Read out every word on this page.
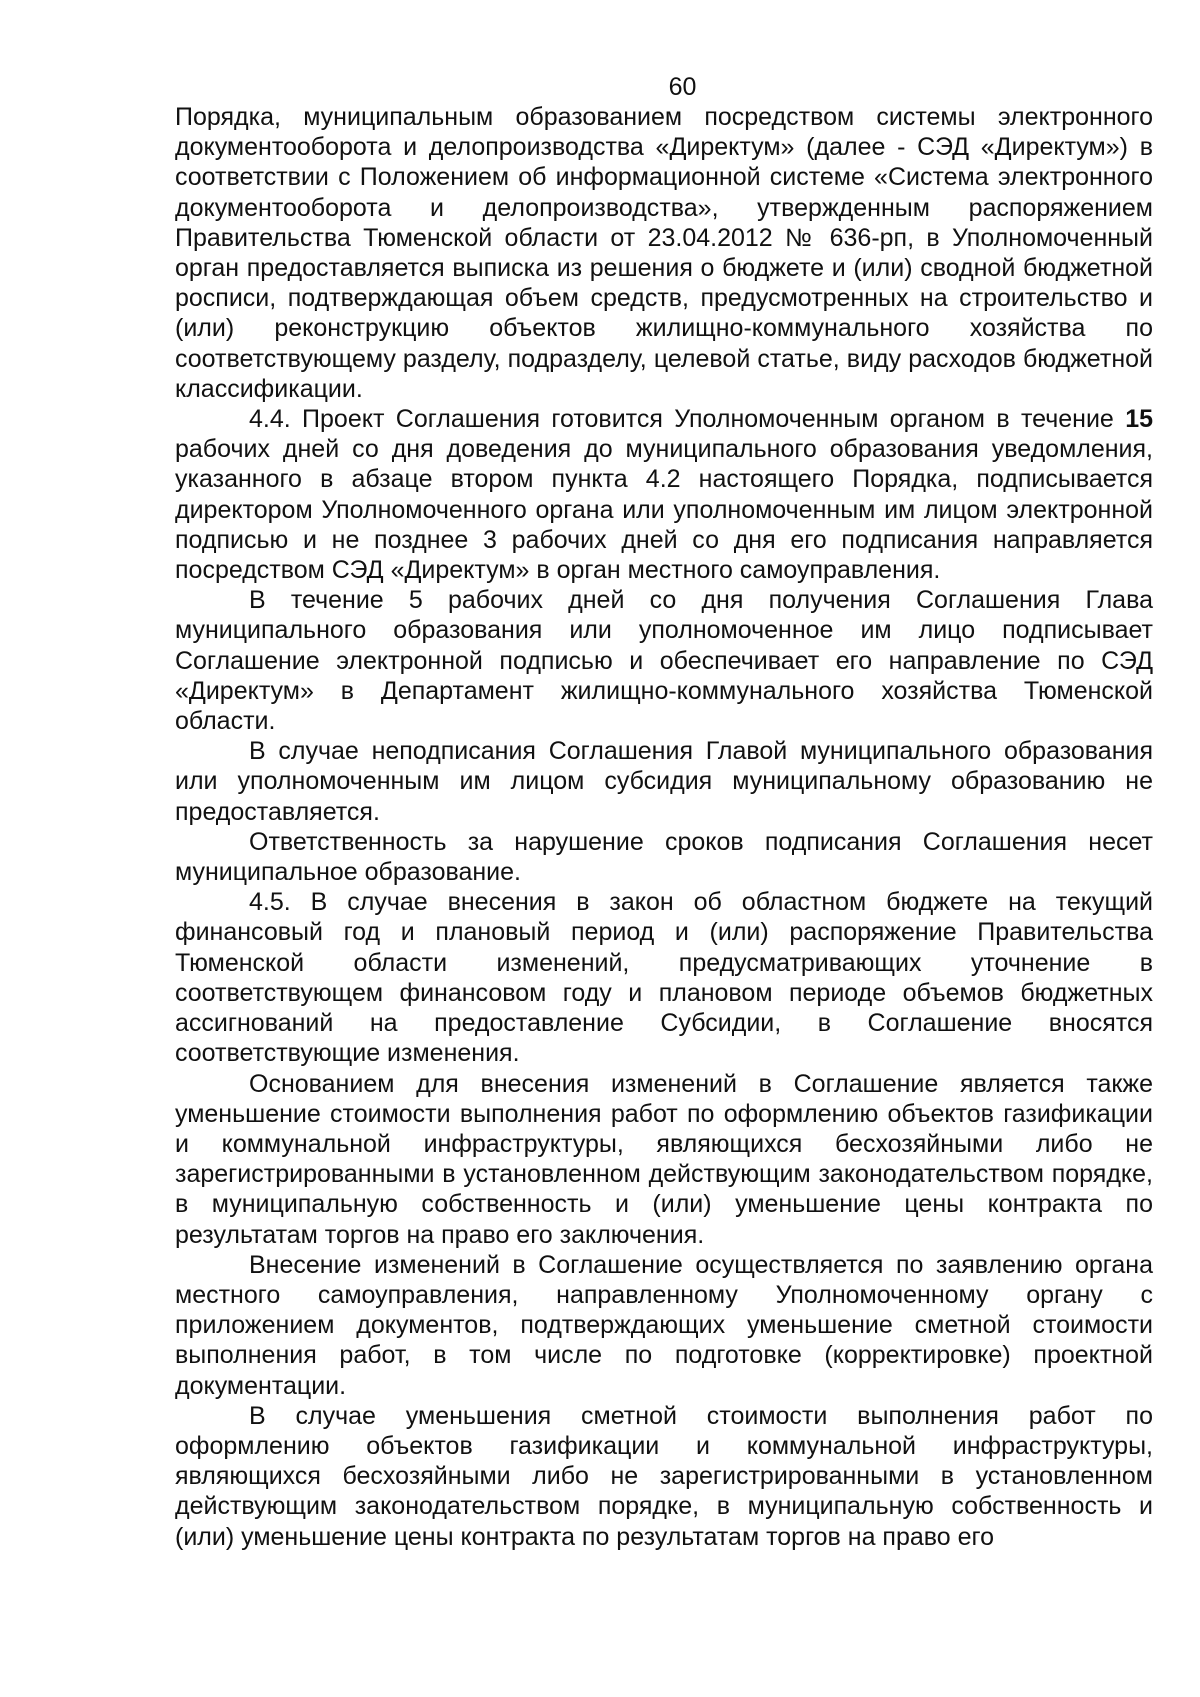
60

Порядка, муниципальным образованием посредством системы электронного документооборота и делопроизводства «Директум» (далее - СЭД «Директум») в соответствии с Положением об информационной системе «Система электронного документооборота и делопроизводства», утвержденным распоряжением Правительства Тюменской области от 23.04.2012 № 636-рп, в Уполномоченный орган предоставляется выписка из решения о бюджете и (или) сводной бюджетной росписи, подтверждающая объем средств, предусмотренных на строительство и (или) реконструкцию объектов жилищно-коммунального хозяйства по соответствующему разделу, подразделу, целевой статье, виду расходов бюджетной классификации.

4.4. Проект Соглашения готовится Уполномоченным органом в течение 15 рабочих дней со дня доведения до муниципального образования уведомления, указанного в абзаце втором пункта 4.2 настоящего Порядка, подписывается директором Уполномоченного органа или уполномоченным им лицом электронной подписью и не позднее 3 рабочих дней со дня его подписания направляется посредством СЭД «Директум» в орган местного самоуправления.

В течение 5 рабочих дней со дня получения Соглашения Глава муниципального образования или уполномоченное им лицо подписывает Соглашение электронной подписью и обеспечивает его направление по СЭД «Директум» в Департамент жилищно-коммунального хозяйства Тюменской области.

В случае неподписания Соглашения Главой муниципального образования или уполномоченным им лицом субсидия муниципальному образованию не предоставляется.

Ответственность за нарушение сроков подписания Соглашения несет муниципальное образование.

4.5. В случае внесения в закон об областном бюджете на текущий финансовый год и плановый период и (или) распоряжение Правительства Тюменской области изменений, предусматривающих уточнение в соответствующем финансовом году и плановом периоде объемов бюджетных ассигнований на предоставление Субсидии, в Соглашение вносятся соответствующие изменения.

Основанием для внесения изменений в Соглашение является также уменьшение стоимости выполнения работ по оформлению объектов газификации и коммунальной инфраструктуры, являющихся бесхозяйными либо не зарегистрированными в установленном действующим законодательством порядке, в муниципальную собственность и (или) уменьшение цены контракта по результатам торгов на право его заключения.

Внесение изменений в Соглашение осуществляется по заявлению органа местного самоуправления, направленному Уполномоченному органу с приложением документов, подтверждающих уменьшение сметной стоимости выполнения работ, в том числе по подготовке (корректировке) проектной документации.

В случае уменьшения сметной стоимости выполнения работ по оформлению объектов газификации и коммунальной инфраструктуры, являющихся бесхозяйными либо не зарегистрированными в установленном действующим законодательством порядке, в муниципальную собственность и (или) уменьшение цены контракта по результатам торгов на право его
